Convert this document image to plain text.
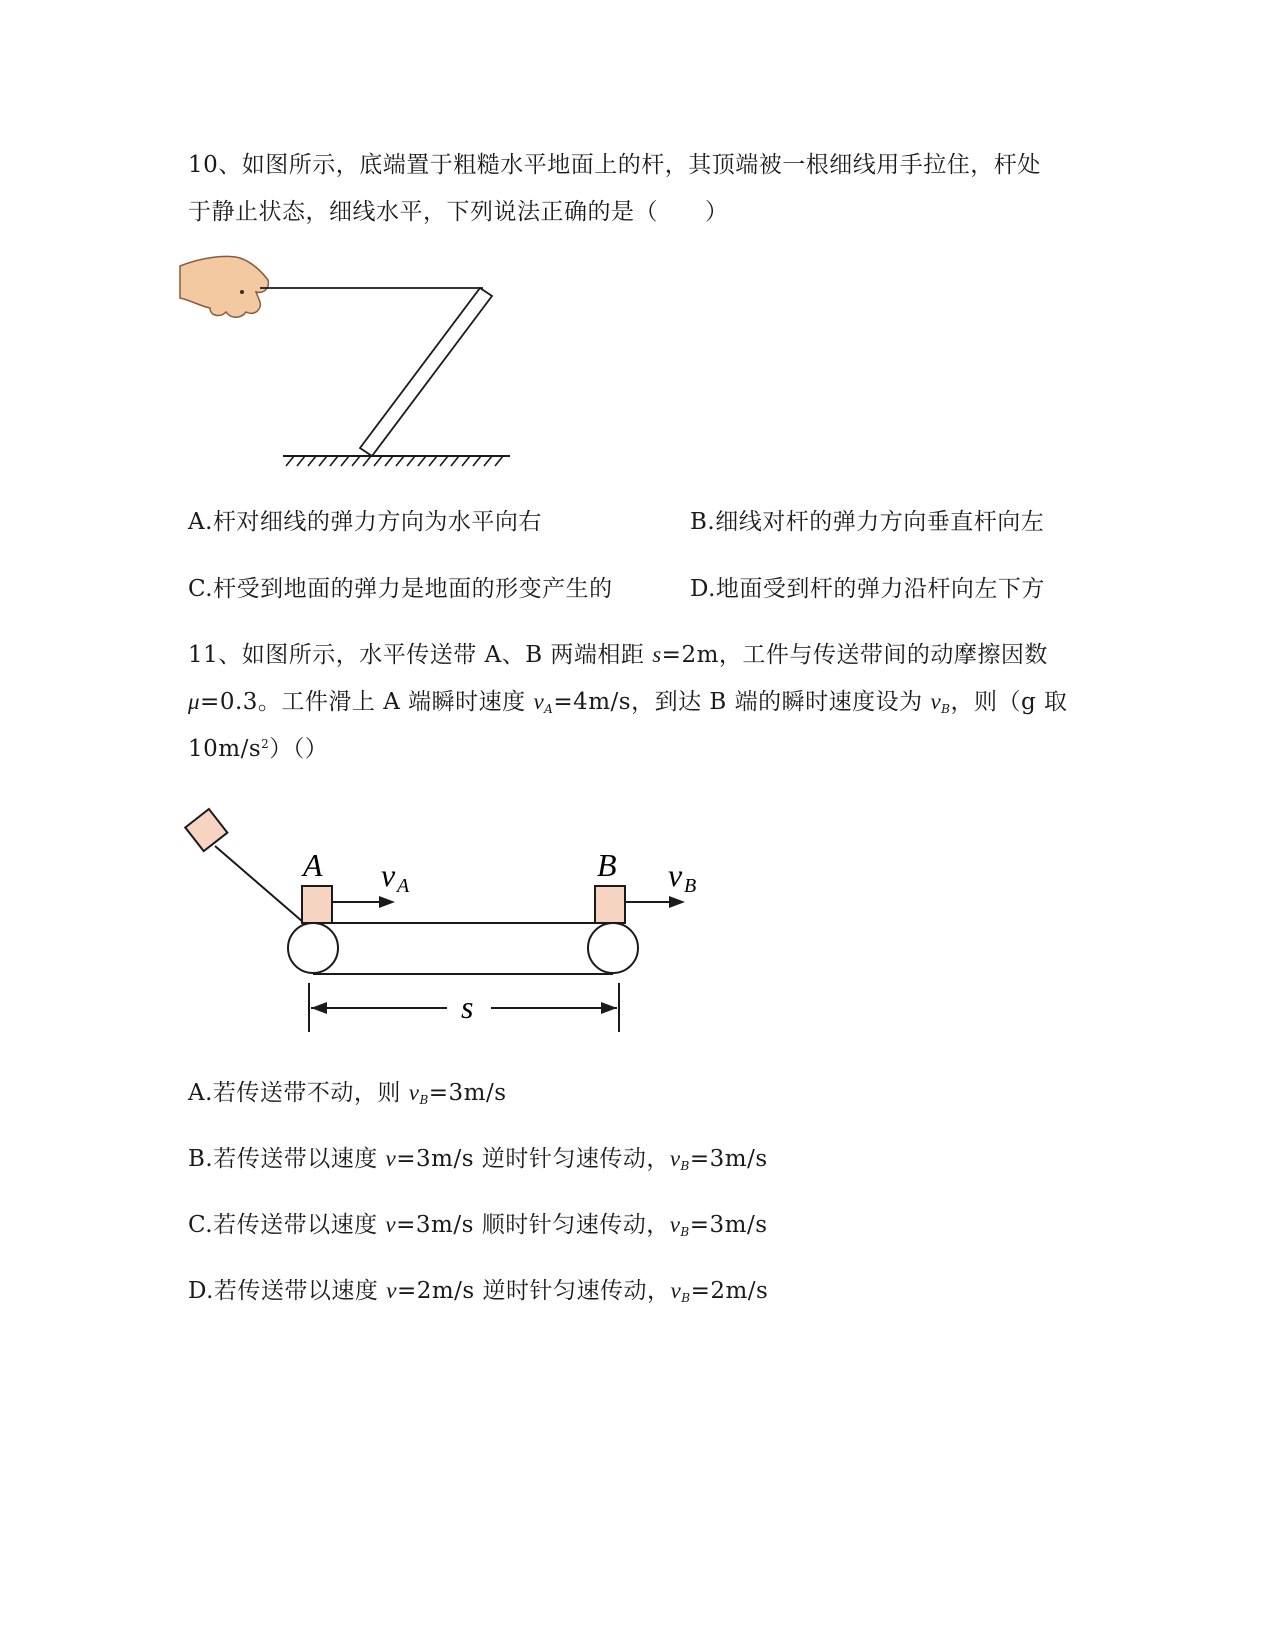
10、如图所示，底端置于粗糙水平地面上的杆，其顶端被一根细线用手拉住，杆处
于静止状态，细线水平，下列说法正确的是（　　）
A.杆对细线的弹力方向为水平向右	B.细线对杆的弹力方向垂直杆向左
C.杆受到地面的弹力是地面的形变产生的	D.地面受到杆的弹力沿杆向左下方
11、如图所示，水平传送带 A、B 两端相距 s=2m，工件与传送带间的动摩擦因数
μ=0.3。工件滑上 A 端瞬时速度 $v_A=4m/s$，到达 B 端的瞬时速度设为 $v_B$，则（g 取
$10m/s^2)()$
A	B
v A	v B
s
A.若传送带不动，则 $v_B=3m/s$
B.若传送带以速度 v=3m/s 逆时针匀速传动，$v_B=3m/s$
C.若传送带以速度 v=3m/s 顺时针匀速传动，$v_B=3m/s$
D.若传送带以速度 v=2m/s 逆时针匀速传动，$v_B=2m/s$
